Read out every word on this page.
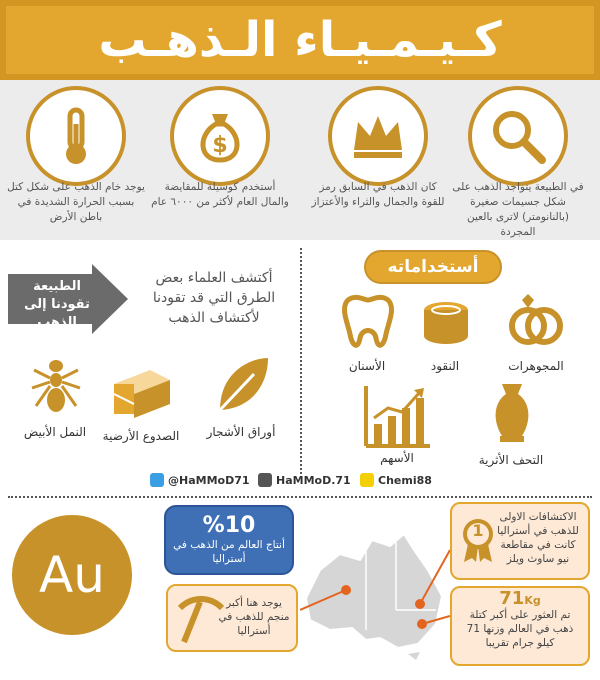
كـيـمـيـاء الـذهـب
في الطبيعة يتواجد الذهب على شكل جسيمات صغيرة (بالنانومتر) لاترى بالعين المجردة
كان الذهب في السابق رمز للقوة والجمال والثراء والأعتزاز
$
أستخدم كوسيلة للمقايضة والمال العام لأكثر من ٦٠٠٠ عام
يوجد خام الذهب على شكل كتل بسبب الحرارة الشديدة في باطن الأرض
الطبيعة تقودنا إلى الذهب
أكتشف العلماء بعض الطرق التي قد تقودنا لأكتشاف الذهب
أوراق الأشجار
الصدوع الأرضية
النمل الأبيض
أستخداماته
المجوهرات
النقود
الأسنان
التحف الأثرية
الأسهم
@HaMMoD71 HaMMoD.71 Chemi88
Au
%10
أنتاج العالم من الذهب في أستراليا
1
الاكتشافات الاولى للذهب في أستراليا كانت في مقاطعة نيو ساوث ويلز
يوجد هنا أكبر منجم للذهب في أستراليا
71Kg
تم العثور على أكبر كتلة ذهب في العالم وزنها 71 كيلو جرام تقريبا
